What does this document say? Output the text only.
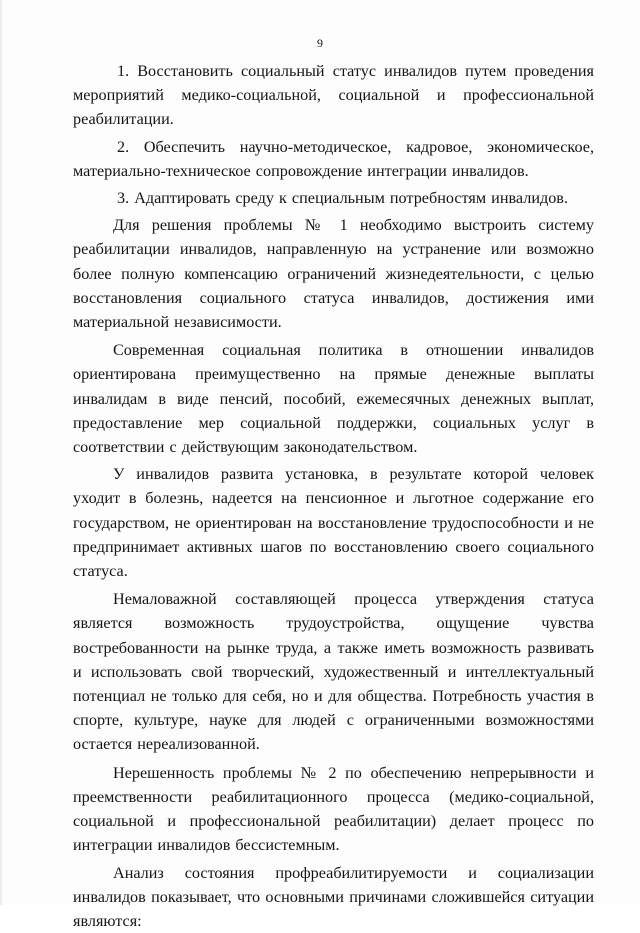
9

1. Восстановить социальный статус инвалидов путем проведения мероприятий медико-социальной, социальной и профессиональной реабилитации.

2. Обеспечить научно-методическое, кадровое, экономическое, материально-техническое сопровождение интеграции инвалидов.

3. Адаптировать среду к специальным потребностям инвалидов.

Для решения проблемы № 1 необходимо выстроить систему реабилитации инвалидов, направленную на устранение или возможно более полную компенсацию ограничений жизнедеятельности, с целью восстановления социального статуса инвалидов, достижения ими материальной независимости.

Современная социальная политика в отношении инвалидов ориентирована преимущественно на прямые денежные выплаты инвалидам в виде пенсий, пособий, ежемесячных денежных выплат, предоставление мер социальной поддержки, социальных услуг в соответствии с действующим законодательством.

У инвалидов развита установка, в результате которой человек уходит в болезнь, надеется на пенсионное и льготное содержание его государством, не ориентирован на восстановление трудоспособности и не предпринимает активных шагов по восстановлению своего социального статуса.

Немаловажной составляющей процесса утверждения статуса является возможность трудоустройства, ощущение чувства востребованности на рынке труда, а также иметь возможность развивать и использовать свой творческий, художественный и интеллектуальный потенциал не только для себя, но и для общества. Потребность участия в спорте, культуре, науке для людей с ограниченными возможностями остается нереализованной.

Нерешенность проблемы № 2 по обеспечению непрерывности и преемственности реабилитационного процесса (медико-социальной, социальной и профессиональной реабилитации) делает процесс по интеграции инвалидов бессистемным.

Анализ состояния профреабилитируемости и социализации инвалидов показывает, что основными причинами сложившейся ситуации являются:
